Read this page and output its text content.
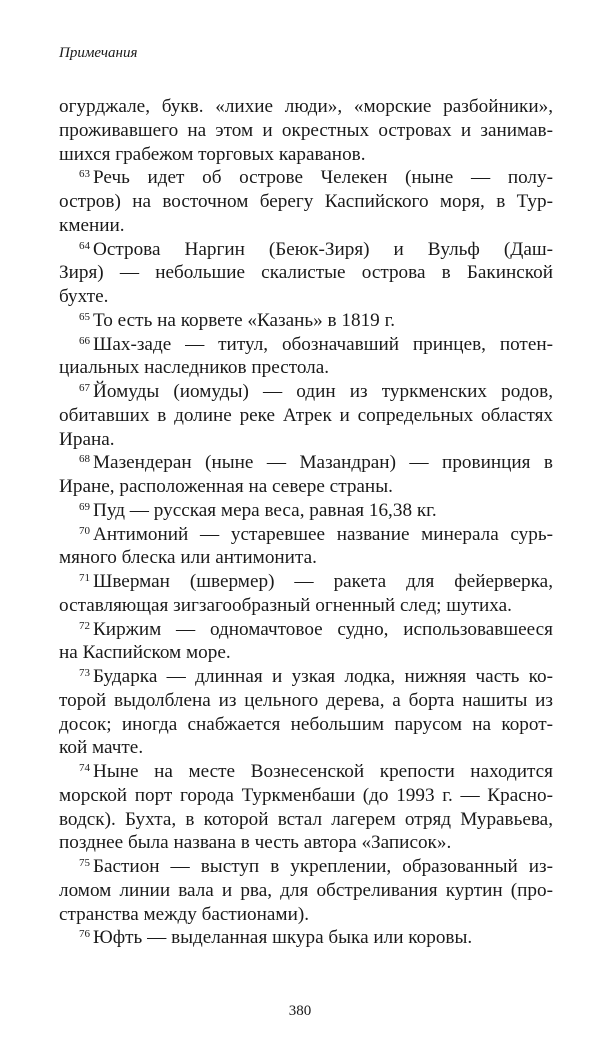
Примечания
огурджале, букв. «лихие люди», «морские разбойники»,
проживавшего на этом и окрестных островах и занимав-
шихся грабежом торговых караванов.
$^{63}$ Речь идет об острове Челекен (ныне — полу-
остров) на восточном берегу Каспийского моря, в Тур-
кмении.
$^{64}$ Острова Наргин (Беюк-Зиря) и Вульф (Даш-
Зиря) — небольшие скалистые острова в Бакинской
бухте.
$^{65}$ То есть на корвете «Казань» в 1819 г.
$^{66}$ Шах-заде — титул, обозначавший принцев, потен-
циальных наследников престола.
$^{67}$ Йомуды (иомуды) — один из туркменских родов,
обитавших в долине реке Атрек и сопредельных областях
Ирана.
$^{68}$ Мазендеран (ныне — Мазандран) — провинция в
Иране, расположенная на севере страны.
$^{69}$ Пуд — русская мера веса, равная 16,38 кг.
$^{70}$ Антимоний — устаревшее название минерала сурь-
мяного блеска или антимонита.
$^{71}$ Шверман (швермер) — ракета для фейерверка,
оставляющая зигзагообразный огненный след; шутиха.
$^{72}$ Киржим — одномачтовое судно, использовавшееся
на Каспийском море.
$^{73}$ Бударка — длинная и узкая лодка, нижняя часть ко-
торой выдолблена из цельного дерева, а борта нашиты из
досок; иногда снабжается небольшим парусом на корот-
кой мачте.
$^{74}$ Ныне на месте Вознесенской крепости находится
морской порт города Туркменбаши (до 1993 г. — Красно-
водск). Бухта, в которой встал лагерем отряд Муравьева,
позднее была названа в честь автора «Записок».
$^{75}$ Бастион — выступ в укреплении, образованный из-
ломом линии вала и рва, для обстреливания куртин (про-
странства между бастионами).
$^{76}$ Юфть — выделанная шкура быка или коровы.
380
